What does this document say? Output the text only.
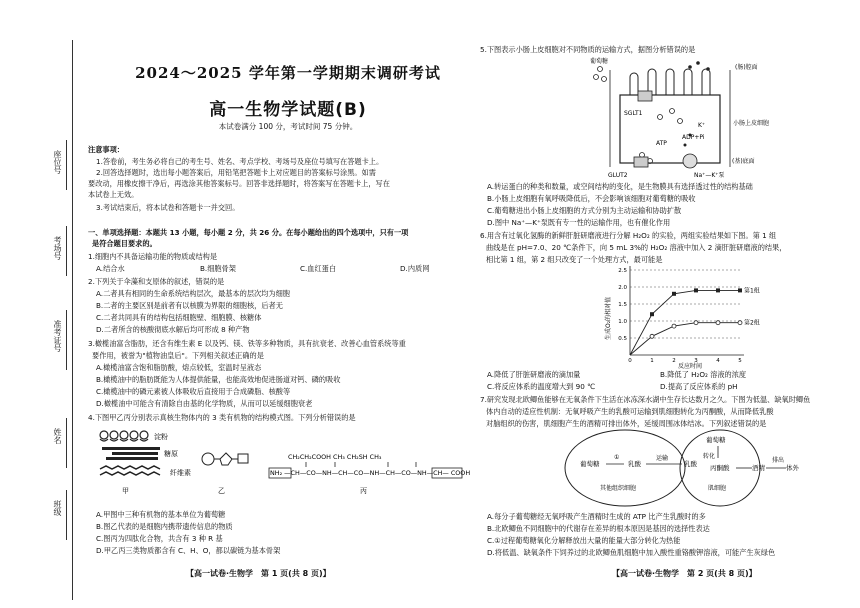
座位号
考场号
准考证号
姓名
班级
2024～2025 学年第一学期期末调研考试
高一生物学试题(B)
本试卷满分 100 分，考试时间 75 分钟。
注意事项：
1.答卷前，考生务必将自己的考生号、姓名、考点学校、考场号及座位号填写在答题卡上。
2.回答选择题时，选出每小题答案后，用铅笔把答题卡上对应题目的答案标号涂黑。如需
要改动，用橡皮擦干净后，再选涂其他答案标号。回答非选择题时，将答案写在答题卡上，写在
本试卷上无效。
3.考试结束后，将本试卷和答题卡一并交回。
一、单项选择题：本题共 13 小题，每小题 2 分，共 26 分。在每小题给出的四个选项中，只有一项
是符合题目要求的。
1.细胞内不具备运输功能的物质或结构是
A.结合水	B.细胞骨架	C.血红蛋白	D.内质网
2.下列关于伞藻和支原体的叙述，错误的是
A.二者具有相同的生命系统结构层次，最基本的层次均为细胞
B.二者的主要区别是前者有以核膜为界限的细胞核，后者无
C.二者共同具有的结构包括细胞壁、细胞膜、核糖体
D.二者所含的核酸彻底水解后均可形成 8 种产物
3.橄榄油富含脂肪，还含有维生素 E 以及钙、镁、铁等多种物质，具有抗衰老、改善心血管系统等重
要作用，被誉为"植物油皇后"。下列相关叙述正确的是
A.橄榄油富含饱和脂肪酸，熔点较低，室温时呈液态
B.橄榄油中的脂肪既能为人体提供能量，也能高效地促进肠道对钙、磷的吸收
C.橄榄油中的磷元素被人体吸收后直接用于合成磷脂、核酸等
D.橄榄油中可能含有清除自由基的化学物质，从而可以延缓细胞衰老
4.下图甲乙丙分别表示真核生物体内的 3 类有机物的结构模式图。下列分析错误的是
淀粉
糖原
纤维素
甲	乙
CH₂CH₂COOH CH₃ CH₂SH CH₃
NH₂ —CH—CO—NH—CH—CO—NH—CH—CO—NH—CH— COOH
丙
A.甲图中三种有机物的基本单位为葡萄糖
B.图乙代表的是细胞内携带遗传信息的物质
C.图丙为四肽化合物，共含有 3 种 R 基
D.甲乙丙三类物质都含有 C、H、O，都以碳链为基本骨架
【高一试卷·生物学　第 1 页(共 8 页)】
5.下图表示小肠上皮细胞对不同物质的运输方式，据图分析错误的是
葡萄糖
(肠)腔面
小肠上皮细胞
(基)底面
SGLT1
GLUT2
ATP
ADP+Pi
K⁺
Na⁺—K⁺泵
A.转运蛋白的种类和数量，或空间结构的变化，是生物膜具有选择透过性的结构基础
B.小肠上皮细胞有氧呼吸降低后，不会影响该细胞对葡萄糖的吸收
C.葡萄糖进出小肠上皮细胞的方式分别为主动运输和协助扩散
D.图中 Na⁺—K⁺泵既有专一性的运输作用，也有催化作用
6.用含有过氧化氢酶的新鲜肝脏研磨液进行分解 H₂O₂ 的实验，两组实验结果如下图。第 1 组
曲线是在 pH=7.0、20 ℃条件下，向 5 mL 3%的 H₂O₂ 溶液中加入 2 滴肝脏研磨液的结果，
相比第 1 组，第 2 组只改变了一个处理方式，最可能是
生成O₂的相对值
反应时间
0.5
1.0
1.5
2.0
2.5
0	1	2	3	4	5
第1组
第2组
A.降低了肝脏研磨液的滴加量	B.降低了 H₂O₂ 溶液的浓度
C.将反应体系的温度增大到 90 ℃	D.提高了反应体系的 pH
7.研究发现北欧鲫鱼能够在无氧条件下生活在冰冻深水湖中生存长达数月之久。下图为低温、缺氧时鲫鱼
体内自动的适应性机制：无氧呼吸产生的乳酸可运输到肌细胞转化为丙酮酸，从而降低乳酸
对脑组织的伤害，肌细胞产生的酒精可排出体外，延缓周围冰体结冰。下列叙述错误的是
葡萄糖
①
乳酸
运输
乳酸
转化
葡萄糖
丙酮酸	酒精
排出
体外
其他组织细胞	肌细胞
A.每分子葡萄糖经无氧呼吸产生酒精时生成的 ATP 比产生乳酸时的多
B.北欧鲫鱼不同细胞中的代谢存在差异的根本原因是基因的选择性表达
C.①过程葡萄糖氧化分解释放出大量的能量大部分转化为热能
D.将低温、缺氧条件下饲养过的北欧鲫鱼肌细胞中加入酸性重铬酸钾溶液，可能产生灰绿色
【高一试卷·生物学　第 2 页(共 8 页)】
